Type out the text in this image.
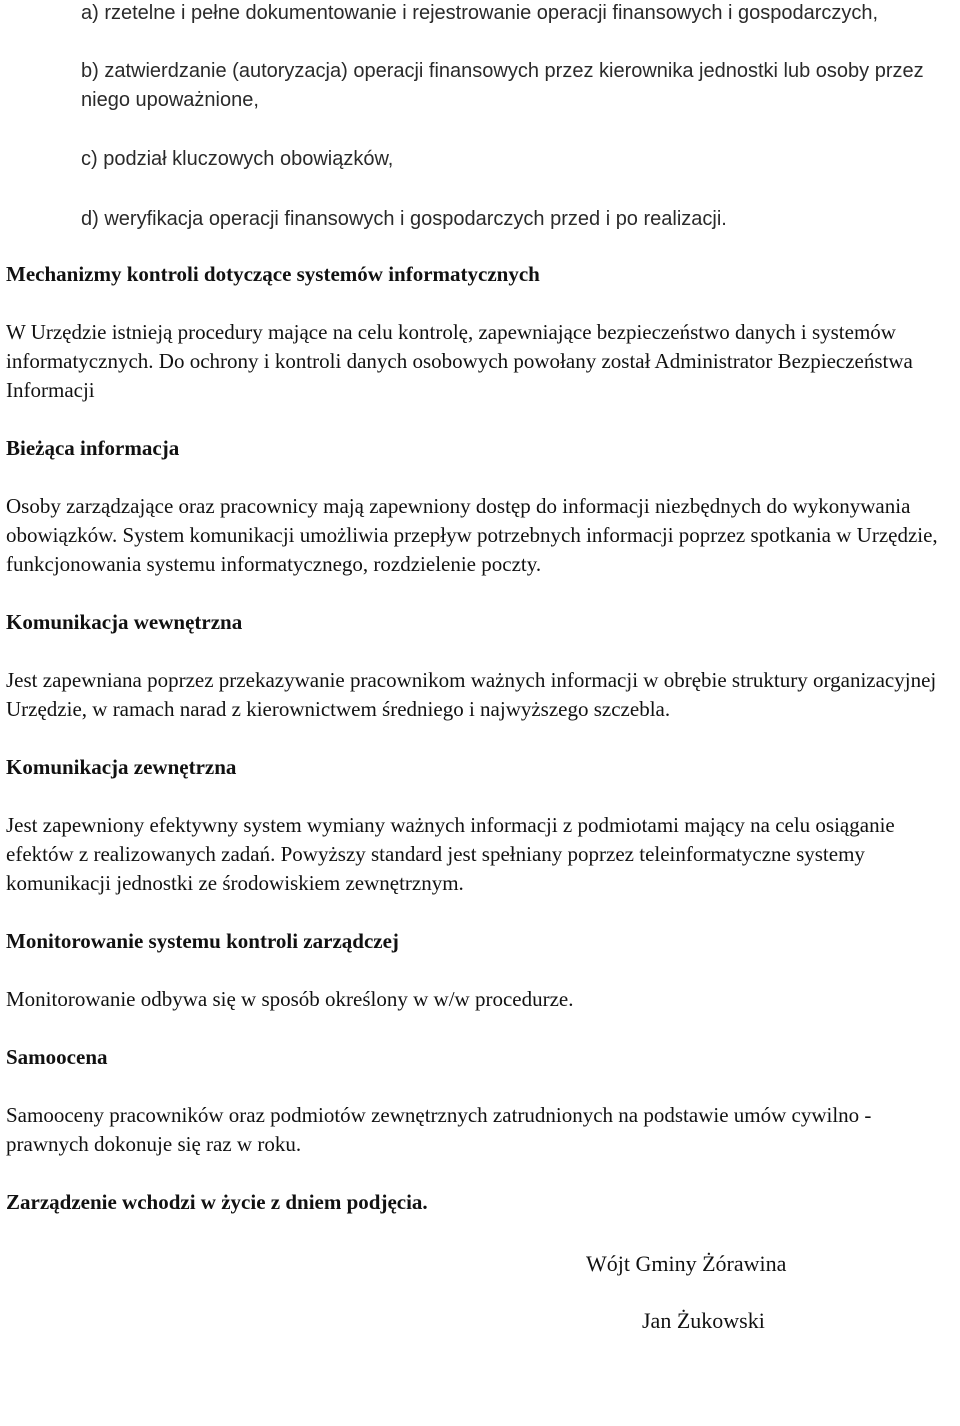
a) rzetelne i pełne dokumentowanie i rejestrowanie operacji finansowych i gospodarczych,
b) zatwierdzanie (autoryzacja) operacji finansowych przez kierownika jednostki lub osoby przez niego upoważnione,
c) podział kluczowych obowiązków,
d) weryfikacja operacji finansowych i gospodarczych przed i po realizacji.
Mechanizmy kontroli dotyczące systemów informatycznych

W Urzędzie istnieją procedury mające na celu kontrolę, zapewniające bezpieczeństwo danych i systemów informatycznych. Do ochrony i kontroli danych osobowych powołany został Administrator Bezpieczeństwa Informacji

Bieżąca informacja

Osoby zarządzające oraz pracownicy mają zapewniony dostęp do informacji niezbędnych do wykonywania obowiązków. System komunikacji umożliwia przepływ potrzebnych informacji poprzez spotkania w Urzędzie, funkcjonowania systemu informatycznego, rozdzielenie poczty.

Komunikacja wewnętrzna

Jest zapewniana poprzez przekazywanie pracownikom ważnych informacji w obrębie struktury organizacyjnej Urzędzie, w ramach narad z kierownictwem średniego i najwyższego szczebla.

Komunikacja zewnętrzna

Jest zapewniony efektywny system wymiany ważnych informacji z podmiotami mający na celu osiąganie efektów z realizowanych zadań. Powyższy standard jest spełniany poprzez teleinformatyczne systemy komunikacji jednostki ze środowiskiem zewnętrznym.

Monitorowanie systemu kontroli zarządczej

Monitorowanie odbywa się w sposób określony w w/w procedurze.

Samoocena

Samooceny pracowników oraz podmiotów zewnętrznych zatrudnionych na podstawie umów cywilno - prawnych dokonuje się raz w roku.

Zarządzenie wchodzi w życie z dniem podjęcia.
Wójt Gminy Żórawina
Jan Żukowski
